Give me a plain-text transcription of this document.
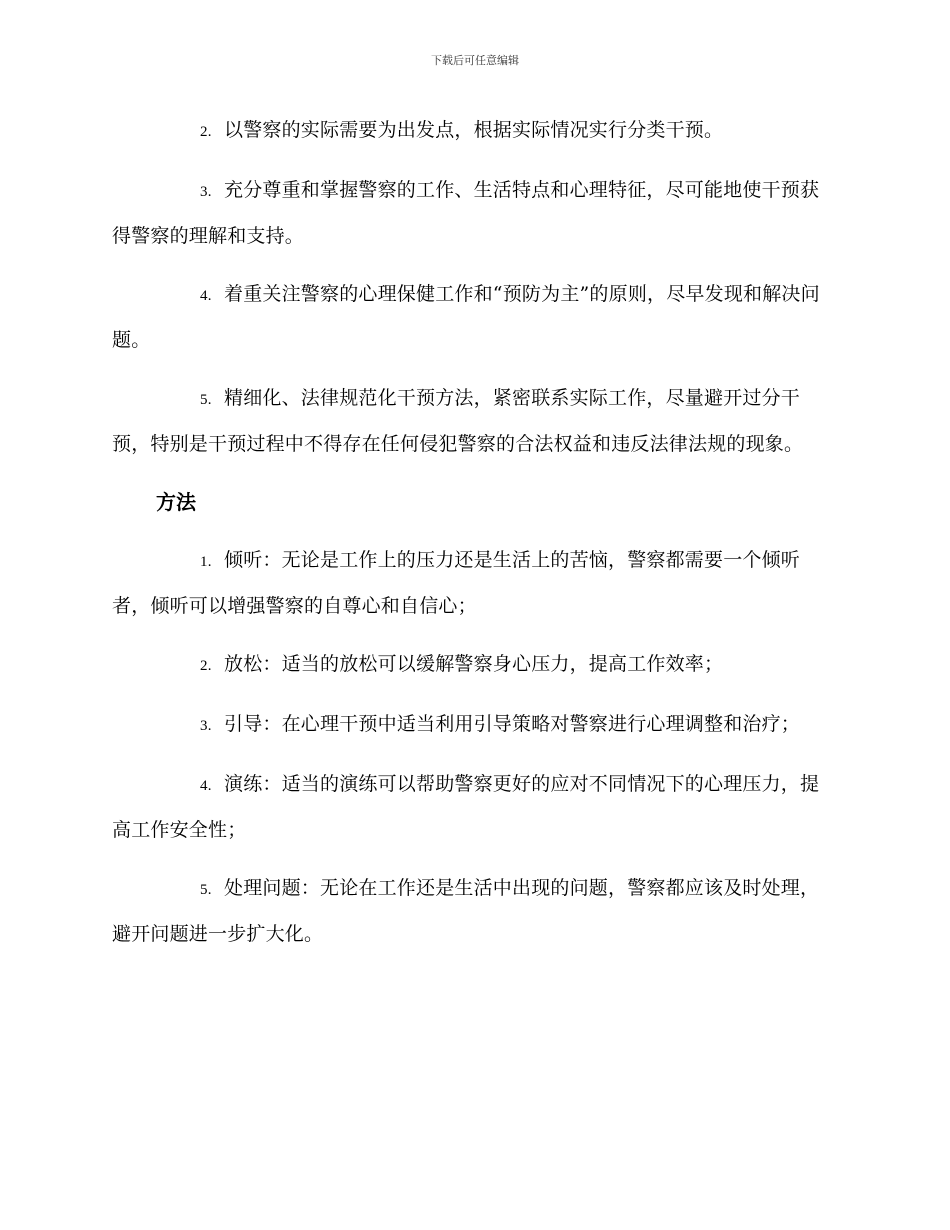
下载后可任意编辑

2. 以警察的实际需要为出发点，根据实际情况实行分类干预。

3. 充分尊重和掌握警察的工作、生活特点和心理特征，尽可能地使干预获得警察的理解和支持。

4. 着重关注警察的心理保健工作和“预防为主”的原则，尽早发现和解决问题。

5. 精细化、法律规范化干预方法，紧密联系实际工作，尽量避开过分干预，特别是干预过程中不得存在任何侵犯警察的合法权益和违反法律法规的现象。

方法

1. 倾听：无论是工作上的压力还是生活上的苦恼，警察都需要一个倾听者，倾听可以增强警察的自尊心和自信心；

2. 放松：适当的放松可以缓解警察身心压力，提高工作效率；

3. 引导：在心理干预中适当利用引导策略对警察进行心理调整和治疗；

4. 演练：适当的演练可以帮助警察更好的应对不同情况下的心理压力，提高工作安全性；

5. 处理问题：无论在工作还是生活中出现的问题，警察都应该及时处理，避开问题进一步扩大化。
